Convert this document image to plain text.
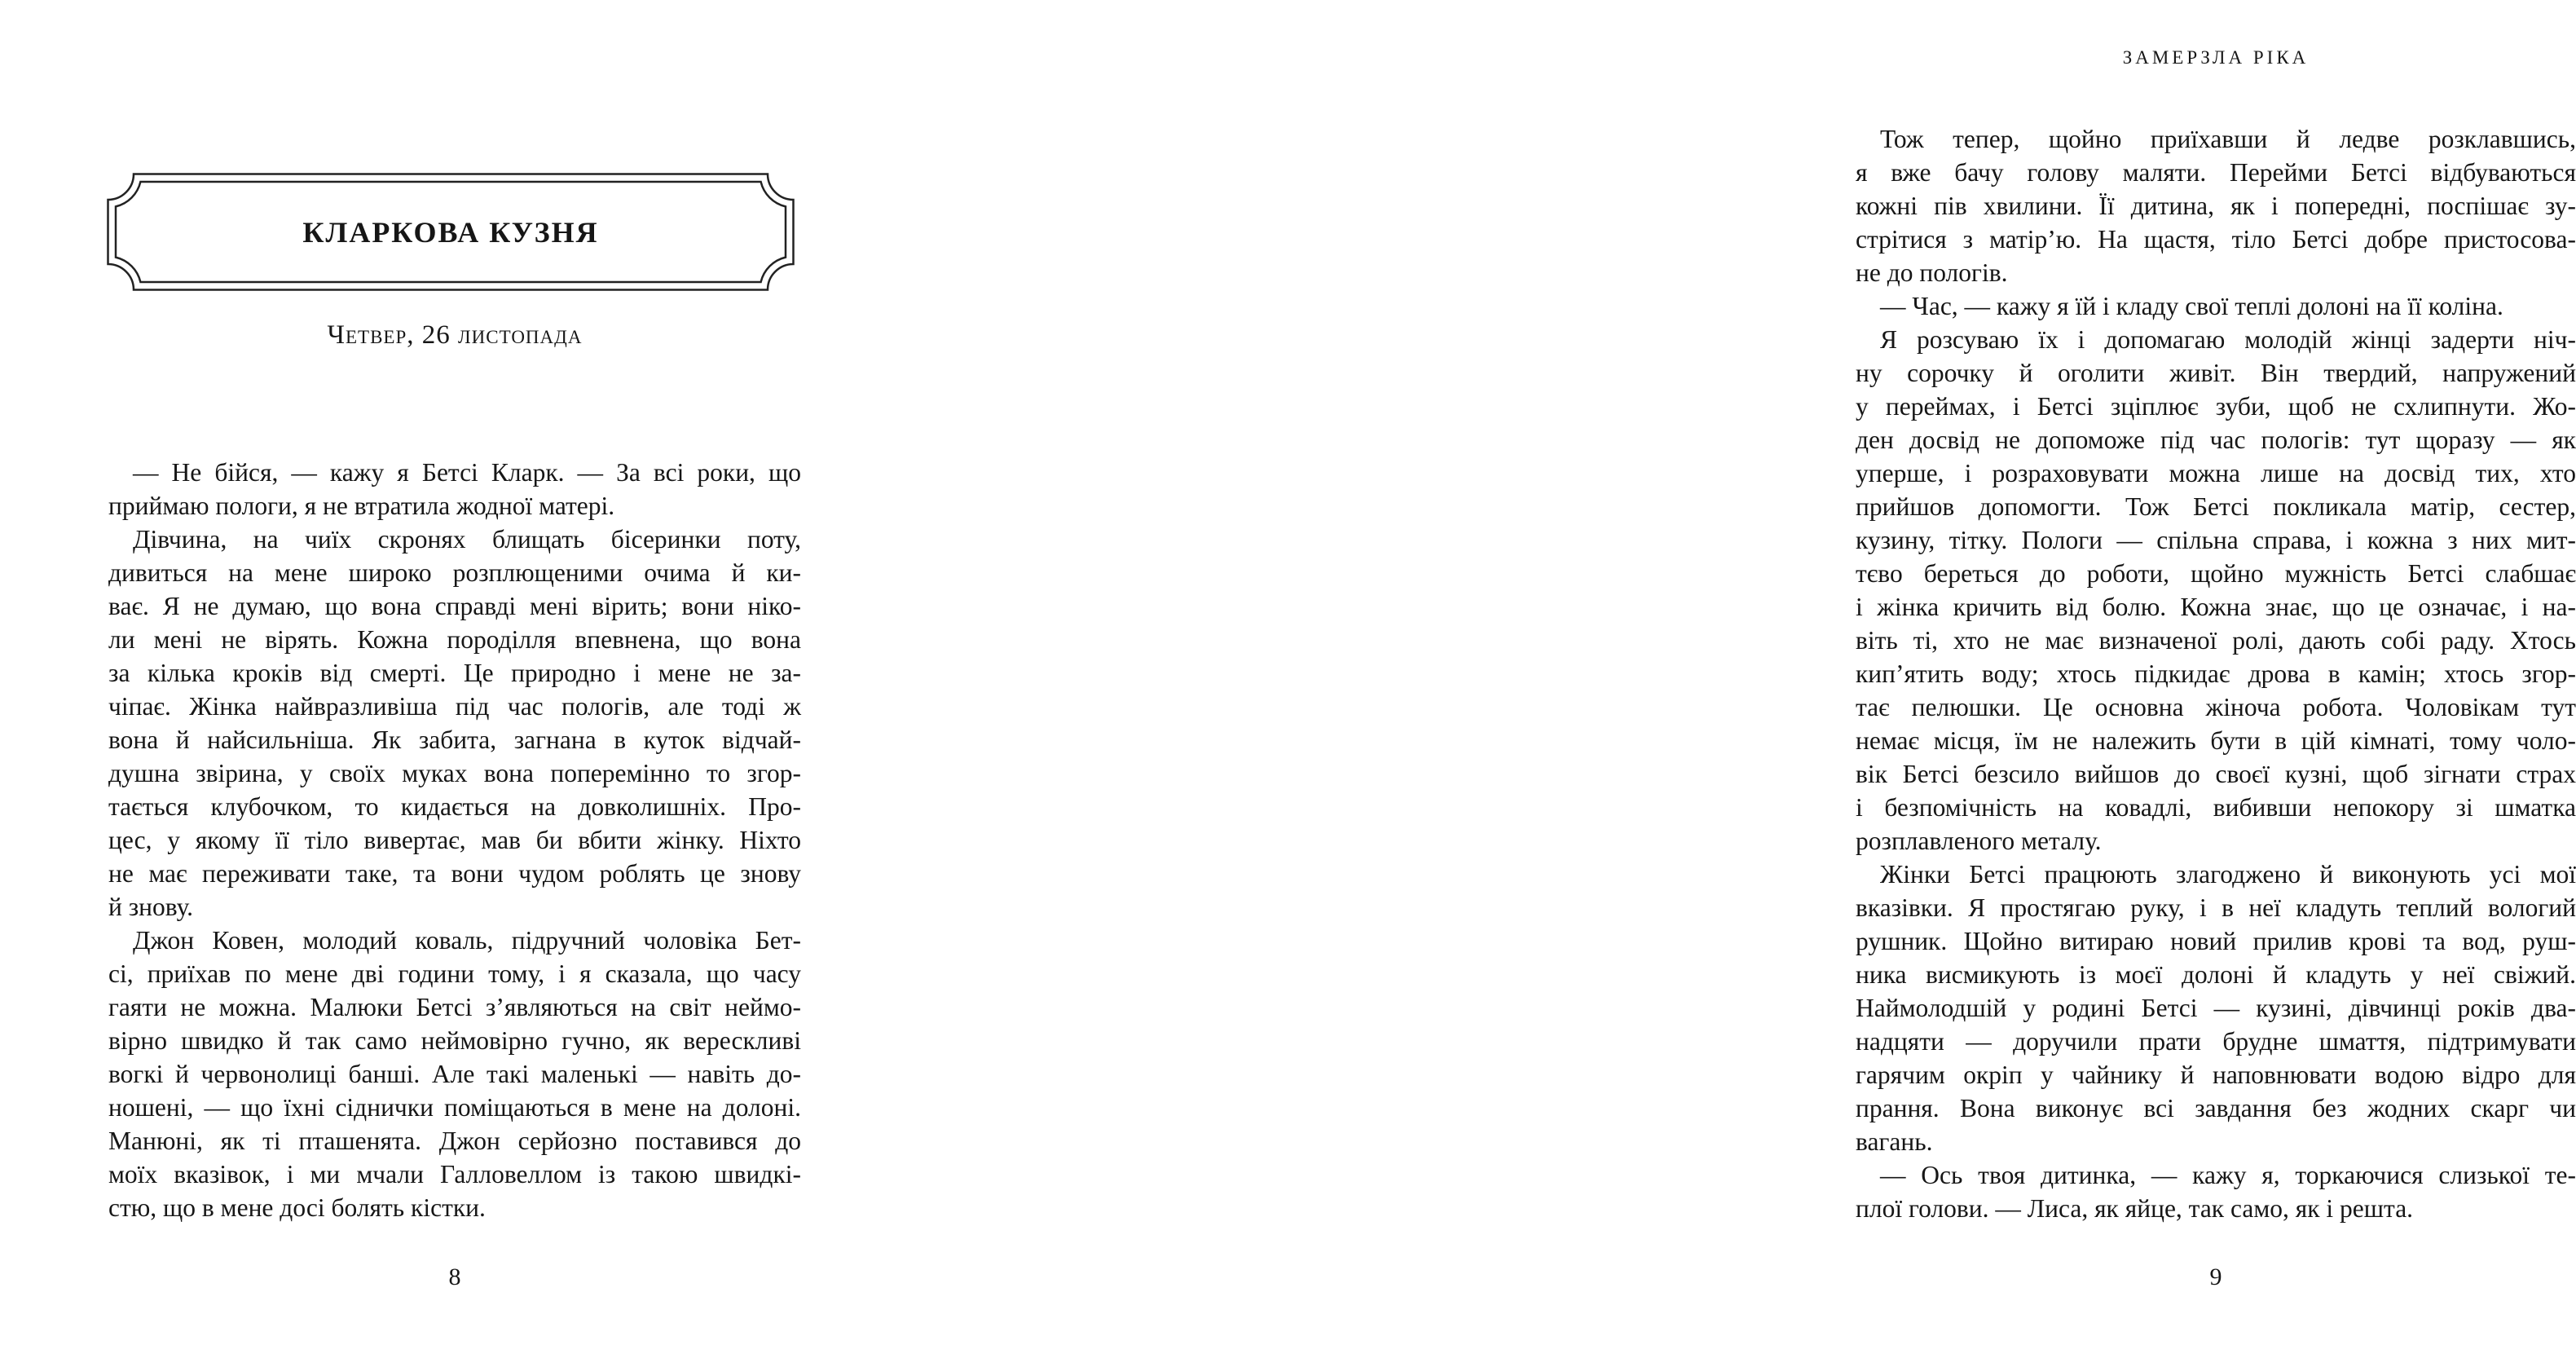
КЛАРКОВА КУЗНЯ
Четвер, 26 листопада
— Не бійся, — кажу я Бетсі Кларк. — За всі роки, що
приймаю пологи, я не втратила жодної матері.
Дівчина, на чиїх скронях блищать бісеринки поту,
дивиться на мене широко розплющеними очима й ки-
ває. Я не думаю, що вона справді мені вірить; вони ніко-
ли мені не вірять. Кожна породілля впевнена, що вона
за кілька кроків від смерті. Це природно і мене не за-
чіпає. Жінка найвразливіша під час пологів, але тоді ж
вона й найсильніша. Як забита, загнана в куток відчай-
душна звірина, у своїх муках вона поперемінно то згор-
тається клубочком, то кидається на довколишніх. Про-
цес, у якому її тіло вивертає, мав би вбити жінку. Ніхто
не має переживати таке, та вони чудом роблять це знову
й знову.
Джон Ковен, молодий коваль, підручний чоловіка Бет-
сі, приїхав по мене дві години тому, і я сказала, що часу
гаяти не можна. Малюки Бетсі з’являються на світ неймо-
вірно швидко й так само неймовірно гучно, як верескливі
вогкі й червонолиці банші. Але такі маленькі — навіть до-
ношені, — що їхні сіднички поміщаються в мене на долоні.
Манюні, як ті пташенята. Джон серйозно поставився до
моїх вказівок, і ми мчали Галловеллом із такою швидкі-
стю, що в мене досі болять кістки.
8
ЗАМЕРЗЛА РІКА
Тож тепер, щойно приїхавши й ледве розклавшись,
я вже бачу голову маляти. Перейми Бетсі відбуваються
кожні пів хвилини. Її дитина, як і попередні, поспішає зу-
стрітися з матір’ю. На щастя, тіло Бетсі добре пристосова-
не до пологів.
— Час, — кажу я їй і кладу свої теплі долоні на її коліна.
Я розсуваю їх і допомагаю молодій жінці задерти ніч-
ну сорочку й оголити живіт. Він твердий, напружений
у переймах, і Бетсі зціплює зуби, щоб не схлипнути. Жо-
ден досвід не допоможе під час пологів: тут щоразу — як
уперше, і розраховувати можна лише на досвід тих, хто
прийшов допомогти. Тож Бетсі покликала матір, сестер,
кузину, тітку. Пологи — спільна справа, і кожна з них мит-
тєво береться до роботи, щойно мужність Бетсі слабшає
і жінка кричить від болю. Кожна знає, що це означає, і на-
віть ті, хто не має визначеної ролі, дають собі раду. Хтось
кип’ятить воду; хтось підкидає дрова в камін; хтось згор-
тає пелюшки. Це основна жіноча робота. Чоловікам тут
немає місця, їм не належить бути в цій кімнаті, тому чоло-
вік Бетсі безсило вийшов до своєї кузні, щоб зігнати страх
і безпомічність на ковадлі, вибивши непокору зі шматка
розплавленого металу.
Жінки Бетсі працюють злагоджено й виконують усі мої
вказівки. Я простягаю руку, і в неї кладуть теплий вологий
рушник. Щойно витираю новий прилив крові та вод, руш-
ника висмикують із моєї долоні й кладуть у неї свіжий.
Наймолодшій у родині Бетсі — кузині, дівчинці років два-
надцяти — доручили прати брудне шмаття, підтримувати
гарячим окріп у чайнику й наповнювати водою відро для
прання. Вона виконує всі завдання без жодних скарг чи
вагань.
— Ось твоя дитинка, — кажу я, торкаючися слизької те-
плої голови. — Лиса, як яйце, так само, як і решта.
9
